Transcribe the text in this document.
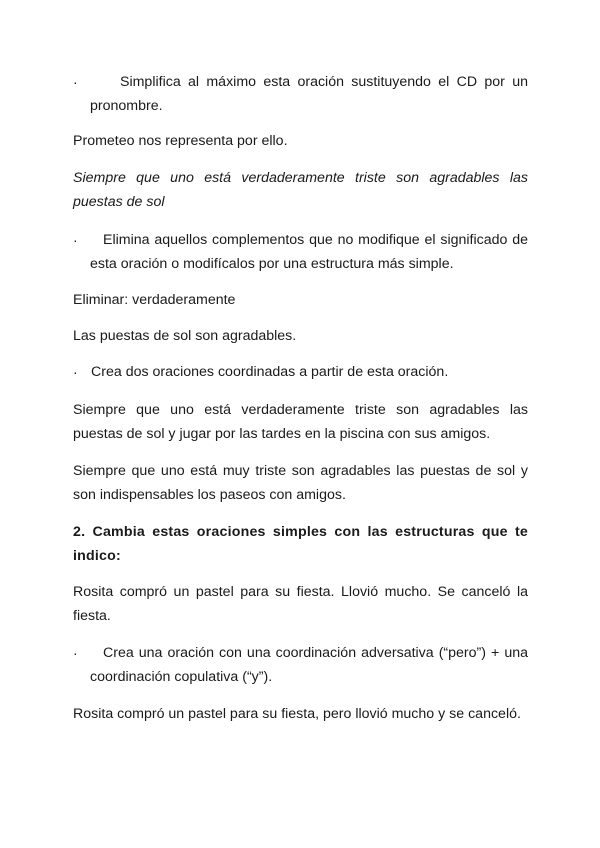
·	Simplifica al máximo esta oración sustituyendo el CD por un pronombre.
Prometeo nos representa por ello.
Siempre que uno está verdaderamente triste son agradables las puestas de sol
·	Elimina aquellos complementos que no modifique el significado de esta oración o modifícalos por una estructura más simple.
Eliminar: verdaderamente
Las puestas de sol son agradables.
· Crea dos oraciones coordinadas a partir de esta oración.
Siempre que uno está verdaderamente triste son agradables las puestas de sol y jugar por las tardes en la piscina con sus amigos.
Siempre que uno está muy triste son agradables las puestas de sol y son indispensables los paseos con amigos.
2. Cambia estas oraciones simples con las estructuras que te indico:
Rosita compró un pastel para su fiesta. Llovió mucho. Se canceló la fiesta.
·	Crea una oración con una coordinación adversativa (“pero”) + una coordinación copulativa (“y”).
Rosita compró un pastel para su fiesta, pero llovió mucho y se canceló.
